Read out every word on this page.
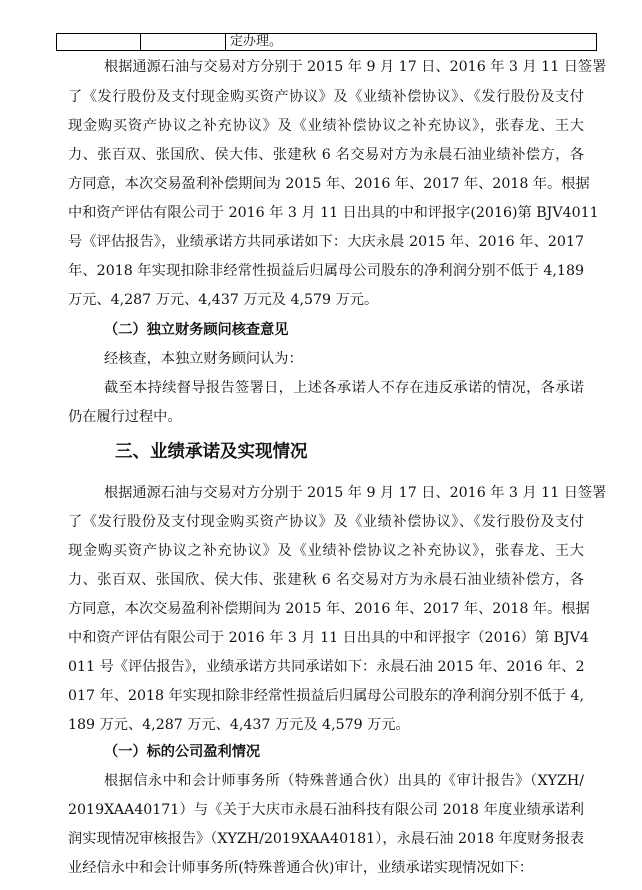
		定办理。
根据通源石油与交易对方分别于 2015 年 9 月 17 日、2016 年 3 月 11 日签署
了《发行股份及支付现金购买资产协议》及《业绩补偿协议》、《发行股份及支付
现金购买资产协议之补充协议》及《业绩补偿协议之补充协议》，张春龙、王大
力、张百双、张国欣、侯大伟、张建秋 6 名交易对方为永晨石油业绩补偿方，各
方同意，本次交易盈利补偿期间为 2015 年、2016 年、2017 年、2018 年。根据
中和资产评估有限公司于 2016 年 3 月 11 日出具的中和评报字(2016)第 BJV4011
号《评估报告》，业绩承诺方共同承诺如下：大庆永晨 2015 年、2016 年、2017
年、2018 年实现扣除非经常性损益后归属母公司股东的净利润分别不低于 4,189
万元、4,287 万元、4,437 万元及 4,579 万元。
（二）独立财务顾问核查意见
经核查，本独立财务顾问认为：
截至本持续督导报告签署日，上述各承诺人不存在违反承诺的情况，各承诺
仍在履行过程中。
三、业绩承诺及实现情况
根据通源石油与交易对方分别于 2015 年 9 月 17 日、2016 年 3 月 11 日签署
了《发行股份及支付现金购买资产协议》及《业绩补偿协议》、《发行股份及支付
现金购买资产协议之补充协议》及《业绩补偿协议之补充协议》，张春龙、王大
力、张百双、张国欣、侯大伟、张建秋 6 名交易对方为永晨石油业绩补偿方，各
方同意，本次交易盈利补偿期间为 2015 年、2016 年、2017 年、2018 年。根据
中和资产评估有限公司于 2016 年 3 月 11 日出具的中和评报字（2016）第 BJV4
011 号《评估报告》，业绩承诺方共同承诺如下：永晨石油 2015 年、2016 年、2
017 年、2018 年实现扣除非经常性损益后归属母公司股东的净利润分别不低于 4,
189 万元、4,287 万元、4,437 万元及 4,579 万元。
（一）标的公司盈利情况
根据信永中和会计师事务所（特殊普通合伙）出具的《审计报告》（XYZH/
2019XAA40171）与《关于大庆市永晨石油科技有限公司 2018 年度业绩承诺利
润实现情况审核报告》（XYZH/2019XAA40181），永晨石油 2018 年度财务报表
业经信永中和会计师事务所(特殊普通合伙)审计，业绩承诺实现情况如下：
